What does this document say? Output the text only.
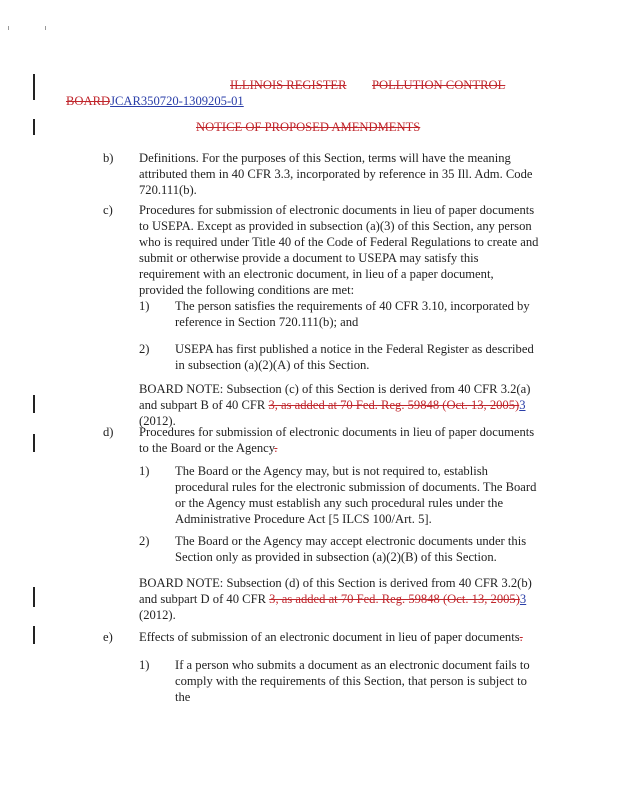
ILLINOIS REGISTER POLLUTION CONTROL
BOARDJCAR350720-1309205-01
NOTICE OF PROPOSED AMENDMENTS
b) Definitions. For the purposes of this Section, terms will have the meaning attributed them in 40 CFR 3.3, incorporated by reference in 35 Ill. Adm. Code 720.111(b).
c) Procedures for submission of electronic documents in lieu of paper documents to USEPA. Except as provided in subsection (a)(3) of this Section, any person who is required under Title 40 of the Code of Federal Regulations to create and submit or otherwise provide a document to USEPA may satisfy this requirement with an electronic document, in lieu of a paper document, provided the following conditions are met:
1) The person satisfies the requirements of 40 CFR 3.10, incorporated by reference in Section 720.111(b); and
2) USEPA has first published a notice in the Federal Register as described in subsection (a)(2)(A) of this Section.
BOARD NOTE: Subsection (c) of this Section is derived from 40 CFR 3.2(a) and subpart B of 40 CFR 3, as added at 70 Fed. Reg. 59848 (Oct. 13, 2005)3 (2012).
d) Procedures for submission of electronic documents in lieu of paper documents to the Board or the Agency.
1) The Board or the Agency may, but is not required to, establish procedural rules for the electronic submission of documents. The Board or the Agency must establish any such procedural rules under the Administrative Procedure Act [5 ILCS 100/Art. 5].
2) The Board or the Agency may accept electronic documents under this Section only as provided in subsection (a)(2)(B) of this Section.
BOARD NOTE: Subsection (d) of this Section is derived from 40 CFR 3.2(b) and subpart D of 40 CFR 3, as added at 70 Fed. Reg. 59848 (Oct. 13, 2005)3 (2012).
e) Effects of submission of an electronic document in lieu of paper documents.
1) If a person who submits a document as an electronic document fails to comply with the requirements of this Section, that person is subject to the
